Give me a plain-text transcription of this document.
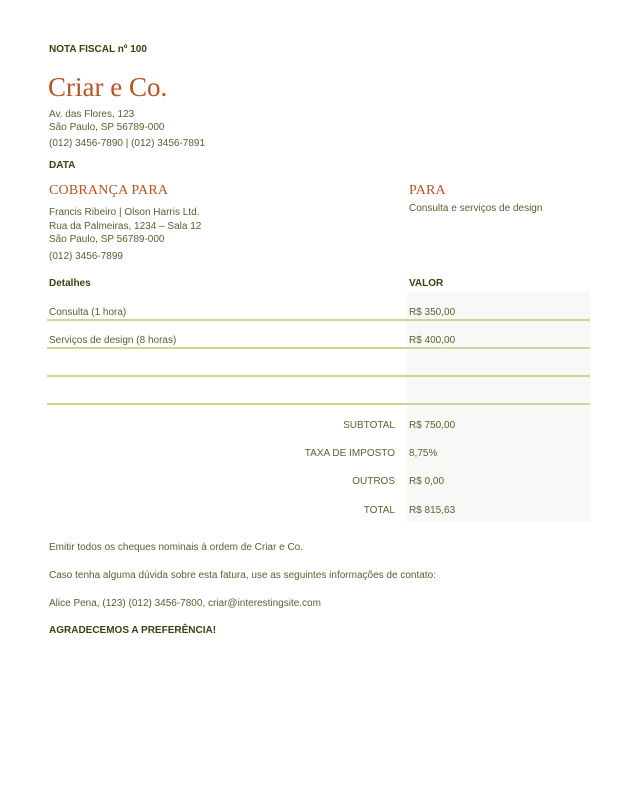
NOTA FISCAL nº 100
Criar e Co.
Av. das Flores, 123
São Paulo, SP 56789-000
(012) 3456-7890 | (012) 3456-7891
DATA
COBRANÇA PARA
Francis Ribeiro | Olson Harris Ltd.
Rua da Palmeiras, 1234 – Sala 12
São Paulo, SP 56789-000
(012) 3456-7899
PARA
Consulta e serviços de design
Detalhes	VALOR
Consulta (1 hora)	R$ 350,00
Serviços de design (8 horas)	R$ 400,00
SUBTOTAL R$ 750,00
TAXA DE IMPOSTO 8,75%
OUTROS R$ 0,00
TOTAL R$ 815,63
Emitir todos os cheques nominais à ordem de Criar e Co.
Caso tenha alguma dúvida sobre esta fatura, use as seguintes informações de contato:
Alice Pena, (123) (012) 3456-7800, criar@interestingsite.com
AGRADECEMOS A PREFERÊNCIA!
